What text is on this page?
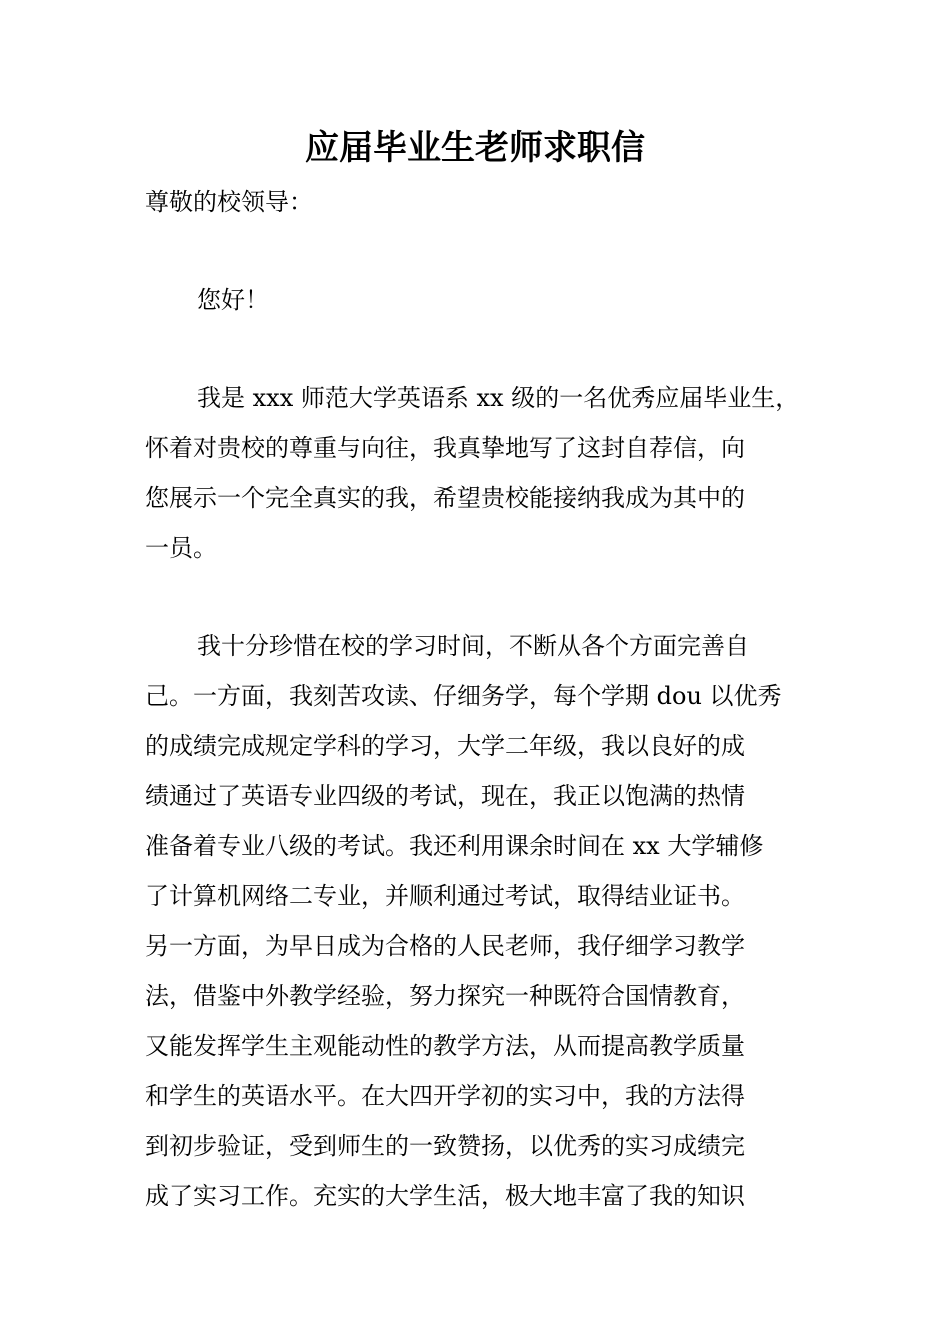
应届毕业生老师求职信
尊敬的校领导：
您好！
我是 xxx 师范大学英语系 xx 级的一名优秀应届毕业生，
怀着对贵校的尊重与向往，我真挚地写了这封自荐信，向
您展示一个完全真实的我，希望贵校能接纳我成为其中的
一员。
我十分珍惜在校的学习时间，不断从各个方面完善自
己。一方面，我刻苦攻读、仔细务学，每个学期 dou 以优秀
的成绩完成规定学科的学习，大学二年级，我以良好的成
绩通过了英语专业四级的考试，现在，我正以饱满的热情
准备着专业八级的考试。我还利用课余时间在 xx 大学辅修
了计算机网络二专业，并顺利通过考试，取得结业证书。
另一方面，为早日成为合格的人民老师，我仔细学习教学
法，借鉴中外教学经验，努力探究一种既符合国情教育，
又能发挥学生主观能动性的教学方法，从而提高教学质量
和学生的英语水平。在大四开学初的实习中，我的方法得
到初步验证，受到师生的一致赞扬，以优秀的实习成绩完
成了实习工作。充实的大学生活，极大地丰富了我的知识
